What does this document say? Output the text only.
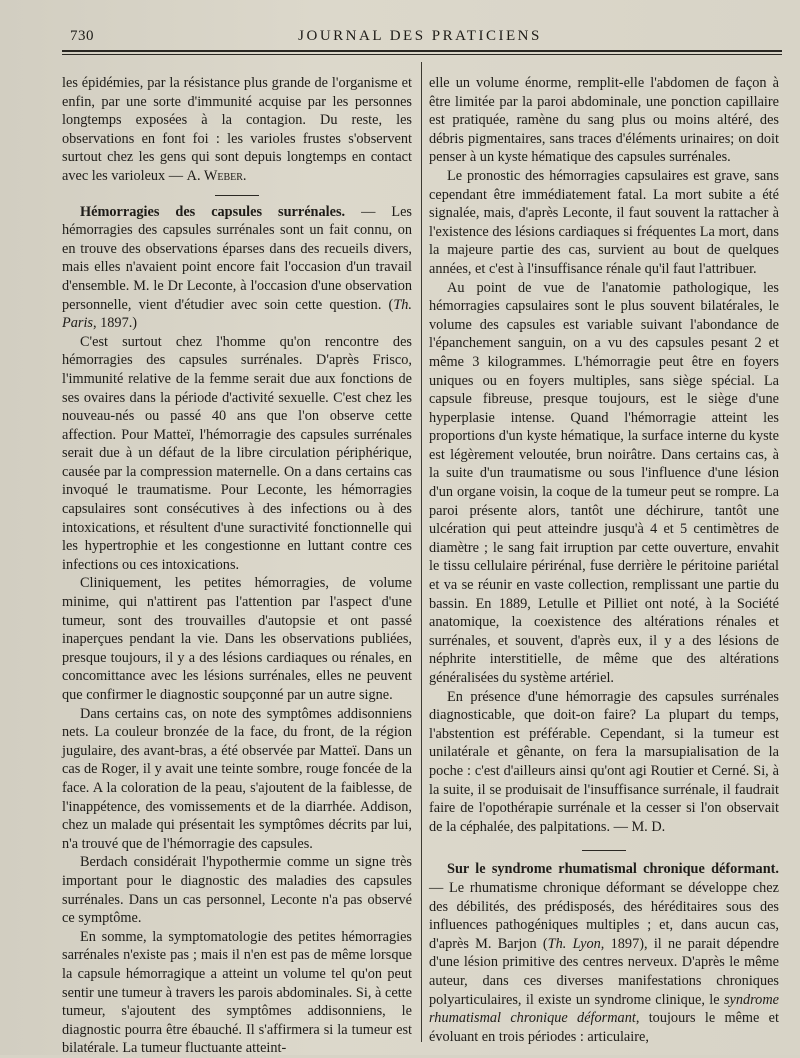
730	JOURNAL DES PRATICIENS

les épidémies, par la résistance plus grande de l'organisme et enfin, par une sorte d'immunité acquise par les personnes longtemps exposées à la contagion. Du reste, les observations en font foi : les varioles frustes s'observent surtout chez les gens qui sont depuis longtemps en contact avec les varioleux — A. Weber.

Hémorragies des capsules surrénales. — Les hémorragies des capsules surrénales sont un fait connu, on en trouve des observations éparses dans des recueils divers, mais elles n'avaient point encore fait l'occasion d'un travail d'ensemble. M. le Dr Leconte, à l'occasion d'une observation personnelle, vient d'étudier avec soin cette question. (Th. Paris, 1897.)

C'est surtout chez l'homme qu'on rencontre des hémorragies des capsules surrénales. D'après Frisco, l'immunité relative de la femme serait due aux fonctions de ses ovaires dans la période d'activité sexuelle. C'est chez les nouveau-nés ou passé 40 ans que l'on observe cette affection. Pour Matteï, l'hémorragie des capsules surrénales serait due à un défaut de la libre circulation périphérique, causée par la compression maternelle. On a dans certains cas invoqué le traumatisme. Pour Leconte, les hémorragies capsulaires sont consécutives à des infections ou à des intoxications, et résultent d'une suractivité fonctionnelle qui les hypertrophie et les congestionne en luttant contre ces infections ou ces intoxications.

Cliniquement, les petites hémorragies, de volume minime, qui n'attirent pas l'attention par l'aspect d'une tumeur, sont des trouvailles d'autopsie et ont passé inaperçues pendant la vie. Dans les observations publiées, presque toujours, il y a des lésions cardiaques ou rénales, en concomittance avec les lésions surrénales, elles ne peuvent que confirmer le diagnostic soupçonné par un autre signe.

Dans certains cas, on note des symptômes addisonniens nets. La couleur bronzée de la face, du front, de la région jugulaire, des avant-bras, a été observée par Matteï. Dans un cas de Roger, il y avait une teinte sombre, rouge foncée de la face. A la coloration de la peau, s'ajoutent de la faiblesse, de l'inappétence, des vomissements et de la diarrhée. Addison, chez un malade qui présentait les symptômes décrits par lui, n'a trouvé que de l'hémorragie des capsules.

Berdach considérait l'hypothermie comme un signe très important pour le diagnostic des maladies des capsules surrénales. Dans un cas personnel, Leconte n'a pas observé ce symptôme.

En somme, la symptomatologie des petites hémorragies sarrénales n'existe pas ; mais il n'en est pas de même lorsque la capsule hémorragique a atteint un volume tel qu'on peut sentir une tumeur à travers les parois abdominales. Si, à cette tumeur, s'ajoutent des symptômes addisonniens, le diagnostic pourra être ébauché. Il s'affirmera si la tumeur est bilatérale. La tumeur fluctuante atteint-

elle un volume énorme, remplit-elle l'abdomen de façon à être limitée par la paroi abdominale, une ponction capillaire est pratiquée, ramène du sang plus ou moins altéré, des débris pigmentaires, sans traces d'éléments urinaires; on doit penser à un kyste hématique des capsules surrénales.

Le pronostic des hémorragies capsulaires est grave, sans cependant être immédiatement fatal. La mort subite a été signalée, mais, d'après Leconte, il faut souvent la rattacher à l'existence des lésions cardiaques si fréquentes La mort, dans la majeure partie des cas, survient au bout de quelques années, et c'est à l'insuffisance rénale qu'il faut l'attribuer.

Au point de vue de l'anatomie pathologique, les hémorragies capsulaires sont le plus souvent bilatérales, le volume des capsules est variable suivant l'abondance de l'épanchement sanguin, on a vu des capsules pesant 2 et même 3 kilogrammes. L'hémorragie peut être en foyers uniques ou en foyers multiples, sans siège spécial. La capsule fibreuse, presque toujours, est le siège d'une hyperplasie intense. Quand l'hémorragie atteint les proportions d'un kyste hématique, la surface interne du kyste est légèrement veloutée, brun noirâtre. Dans certains cas, à la suite d'un traumatisme ou sous l'influence d'une lésion d'un organe voisin, la coque de la tumeur peut se rompre. La paroi présente alors, tantôt une déchirure, tantôt une ulcération qui peut atteindre jusqu'à 4 et 5 centimètres de diamètre ; le sang fait irruption par cette ouverture, envahit le tissu cellulaire périrénal, fuse derrière le péritoine pariétal et va se réunir en vaste collection, remplissant une partie du bassin. En 1889, Letulle et Pilliet ont noté, à la Société anatomique, la coexistence des altérations rénales et surrénales, et souvent, d'après eux, il y a des lésions de néphrite interstitielle, de même que des altérations généralisées du système artériel.

En présence d'une hémorragie des capsules surrénales diagnosticable, que doit-on faire? La plupart du temps, l'abstention est préférable. Cependant, si la tumeur est unilatérale et gênante, on fera la marsupialisation de la poche : c'est d'ailleurs ainsi qu'ont agi Routier et Cerné. Si, à la suite, il se produisait de l'insuffisance surrénale, il faudrait faire de l'opothérapie surrénale et la cesser si l'on observait de la céphalée, des palpitations. — M. D.

Sur le syndrome rhumatismal chronique déformant. — Le rhumatisme chronique déformant se développe chez des débilités, des prédisposés, des héréditaires sous des influences pathogéniques multiples ; et, dans aucun cas, d'après M. Barjon (Th. Lyon, 1897), il ne parait dépendre d'une lésion primitive des centres nerveux. D'après le même auteur, dans ces diverses manifestations chroniques polyarticulaires, il existe un syndrome clinique, le syndrome rhumatismal chronique déformant, toujours le même et évoluant en trois périodes : articulaire,
